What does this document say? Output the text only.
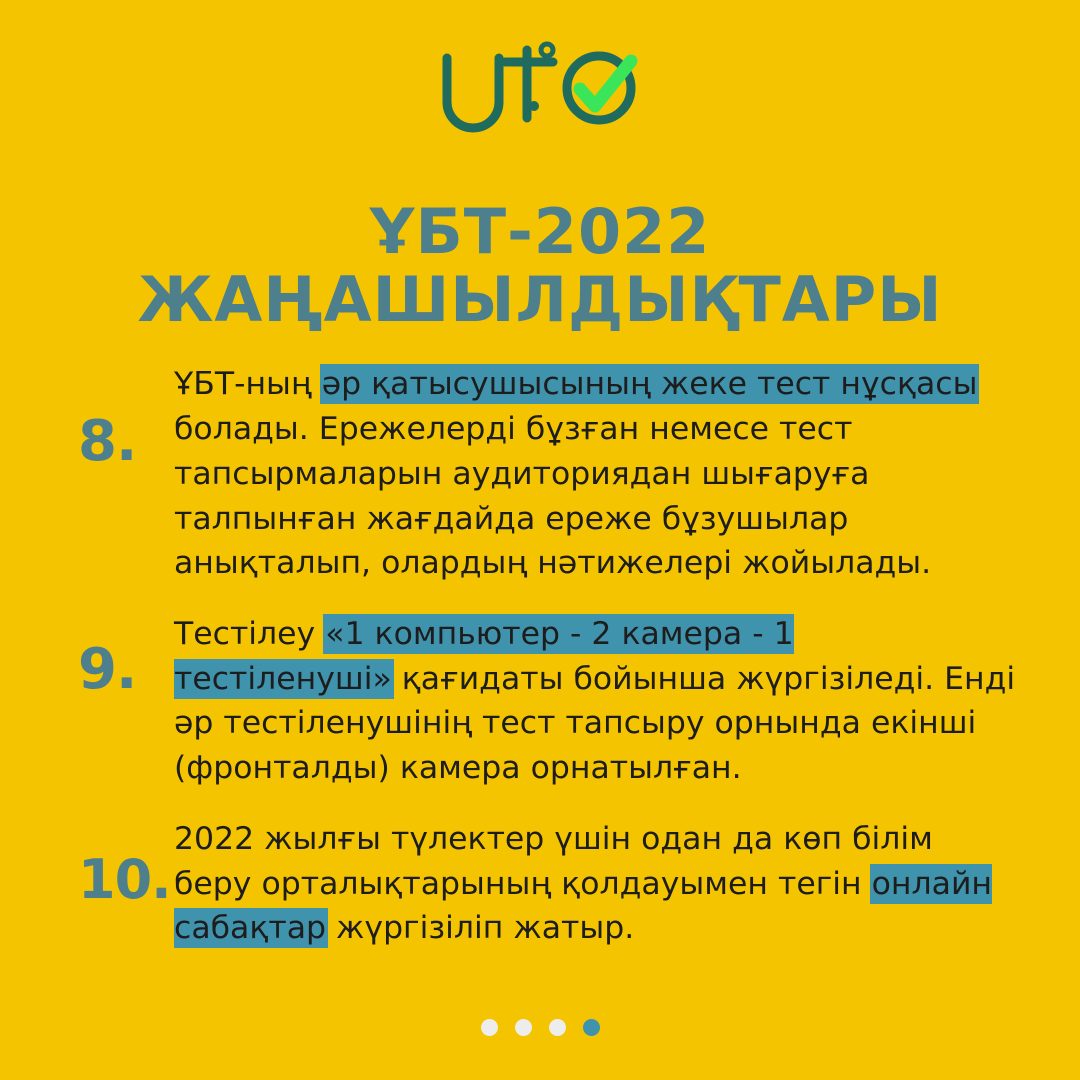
ҰБТ-2022 ЖАҢАШЫЛДЫҚТАРЫ
8.

ҰБТ-ның әр қатысушысының жеке тест нұсқасы болады. Ережелерді бұзған немесе тест тапсырмаларын аудиториядан шығаруға талпынған жағдайда ереже бұзушылар анықталып, олардың нәтижелері жойылады.

9.

Тестілеу «1 компьютер - 2 камера - 1 тестіленуші» қағидаты бойынша жүргізіледі. Енді әр тестіленушінің тест тапсыру орнында екінші (фронталды) камера орнатылған.

10.

2022 жылғы түлектер үшін одан да көп білім беру орталықтарының қолдауымен тегін онлайн сабақтар жүргізіліп жатыр.
